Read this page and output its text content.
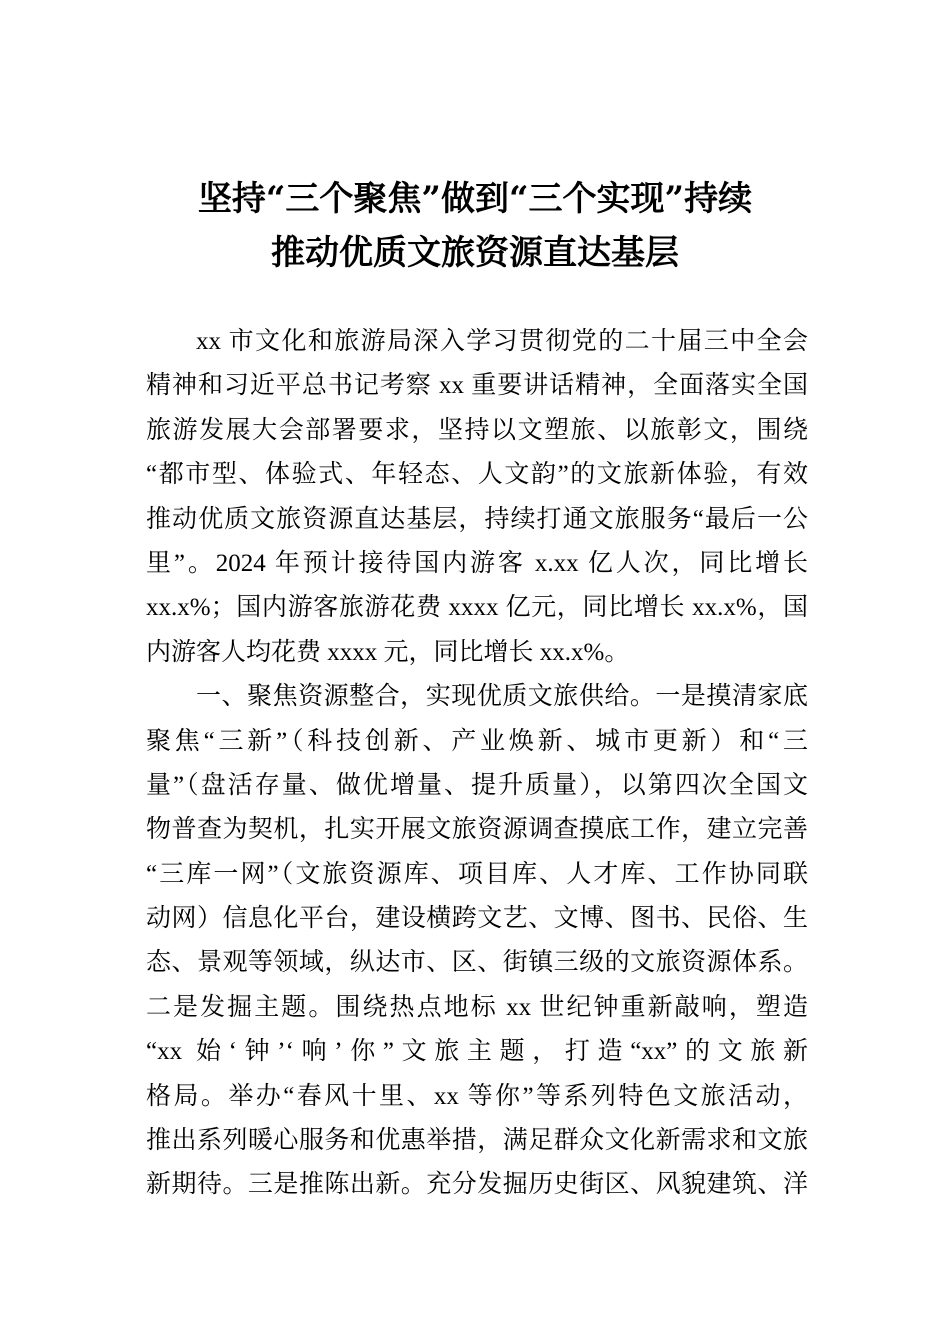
坚持“三个聚焦”做到“三个实现”持续
推动优质文旅资源直达基层
xx 市文化和旅游局深入学习贯彻党的二十届三中全会
精神和习近平总书记考察 xx 重要讲话精神，全面落实全国
旅游发展大会部署要求，坚持以文塑旅、以旅彰文，围绕
“都市型、体验式、年轻态、人文韵”的文旅新体验，有效
推动优质文旅资源直达基层，持续打通文旅服务“最后一公
里”。2024 年预计接待国内游客 x.xx 亿人次，同比增长
xx.x%；国内游客旅游花费 xxxx 亿元，同比增长 xx.x%，国
内游客人均花费 xxxx 元，同比增长 xx.x%。
一、聚焦资源整合，实现优质文旅供给。一是摸清家底
聚焦“三新”（科技创新、产业焕新、城市更新）和“三
量”（盘活存量、做优增量、提升质量），以第四次全国文
物普查为契机，扎实开展文旅资源调查摸底工作，建立完善
“三库一网”（文旅资源库、项目库、人才库、工作协同联
动网）信息化平台，建设横跨文艺、文博、图书、民俗、生
态、景观等领域，纵达市、区、街镇三级的文旅资源体系。
二是发掘主题。围绕热点地标 xx 世纪钟重新敲响，塑造
“xx 始‘钟’‘响’你”文旅主题，打造“xx”的文旅新
格局。举办“春风十里、xx 等你”等系列特色文旅活动，
推出系列暖心服务和优惠举措，满足群众文化新需求和文旅
新期待。三是推陈出新。充分发掘历史街区、风貌建筑、洋
